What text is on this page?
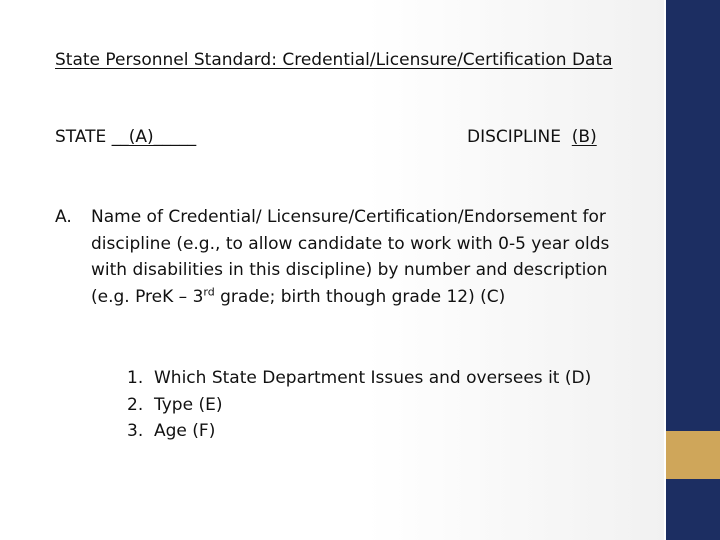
State Personnel Standard: Credential/Licensure/Certification Data
STATE __(A)_____	DISCIPLINE (B)
A. Name of Credential/ Licensure/Certification/Endorsement for discipline (e.g., to allow candidate to work with 0-5 year olds with disabilities in this discipline) by number and description (e.g. PreK – 3rd grade; birth though grade 12) (C)
1. Which State Department Issues and oversees it (D)
2. Type (E)
3. Age (F)
